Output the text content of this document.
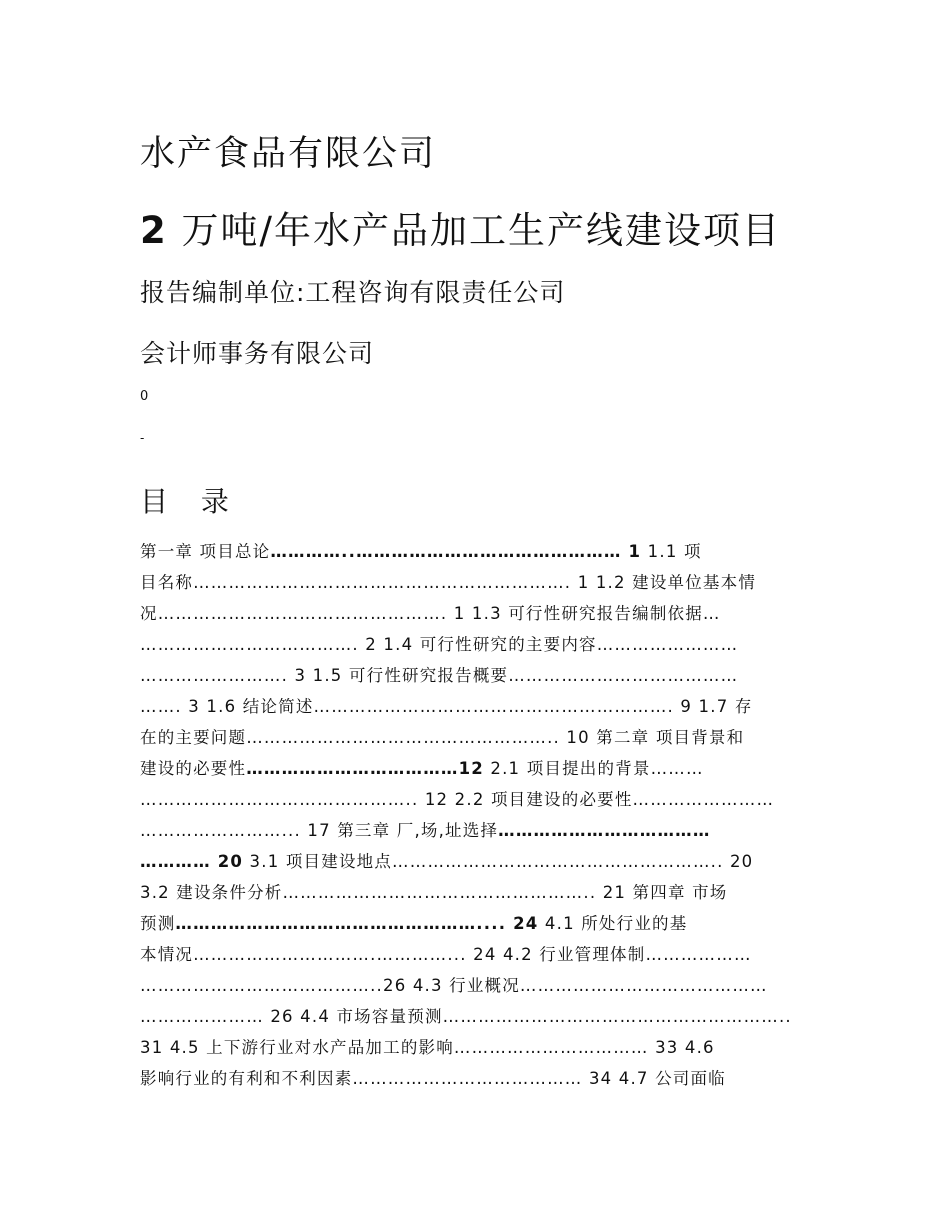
水产食品有限公司
2 万吨/年水产品加工生产线建设项目
报告编制单位:工程咨询有限责任公司
会计师事务有限公司
0
-
目 录
第一章 项目总论…………..……………………………………… 1 1.1 项
目名称………………………………………………………. 1 1.2 建设单位基本情
况…………………………………………. 1 1.3 可行性研究报告编制依据…
………………………………. 2 1.4 可行性研究的主要内容……………………
……………………. 3 1.5 可行性研究报告概要…………………………………
……. 3 1.6 结论简述……………………………………………………. 9 1.7 存
在的主要问题…………………………………………….. 10 第二章 项目背景和
建设的必要性………………………………12 2.1 项目提出的背景………
……………………………………….. 12 2.2 项目建设的必要性……………………
……………………... 17 第三章 厂,场,址选择………………………………
………… 20 3.1 项目建设地点……………………………………………….. 20
3.2 建设条件分析…………………………………………….. 21 第四章 市场
预测…………………………………………….... 24 4.1 所处行业的基
本情况………………………….…………... 24 4.2 行业管理体制………………
…………………………………..26 4.3 行业概况……………………………………
………………… 26 4.4 市场容量预测…………………………………………………..
31 4.5 上下游行业对水产品加工的影响…………………………… 33 4.6
影响行业的有利和不利因素………………………………… 34 4.7 公司面临
